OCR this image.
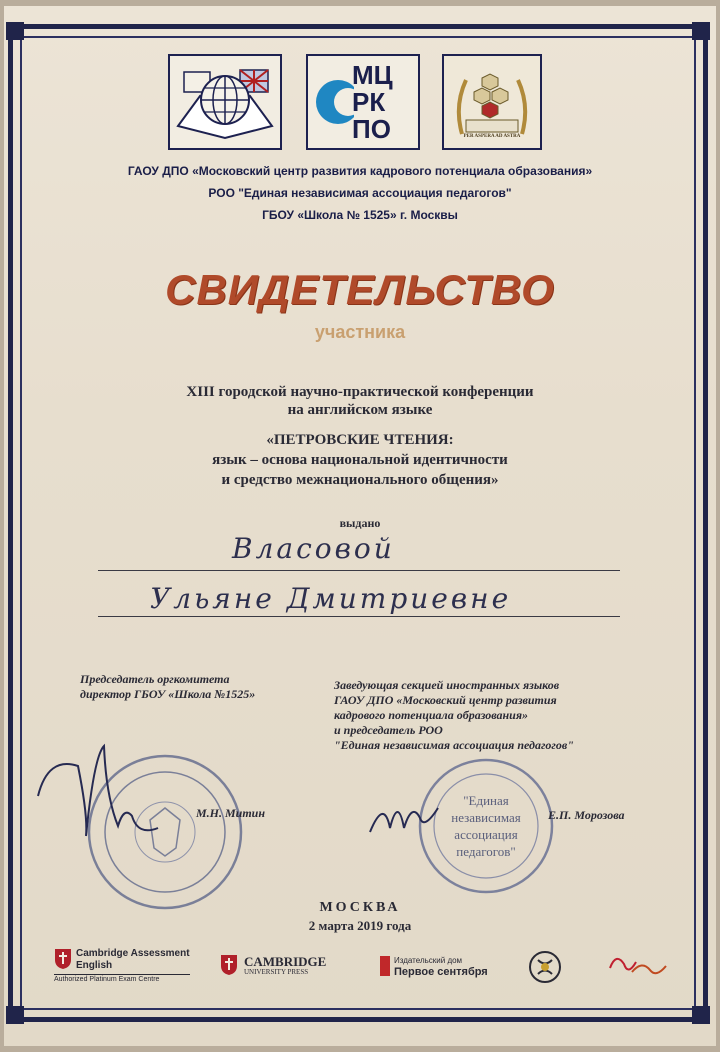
МЦ
РК
ПО	PER ASPERA AD ASTRA
ГАОУ ДПО «Московский центр развития кадрового потенциала образования»
РОО "Единая независимая ассоциация педагогов"
ГБОУ «Школа № 1525» г. Москвы
СВИДЕТЕЛЬСТВО
участника
XIII городской научно-практической конференции
на английском языке
«ПЕТРОВСКИЕ ЧТЕНИЯ:
язык – основа национальной идентичности
и средство межнационального общения»
выдано
Власовой
Ульяне Дмитриевне
Председатель оргкомитета
директор ГБОУ «Школа №1525»
М.Н. Митин
Заведующая секцией иностранных языков
ГАОУ ДПО «Московский центр развития
кадрового потенциала образования»
и председатель РОО
"Единая независимая ассоциация педагогов"
"Единая
независимая
ассоциация
педагогов"
Е.П. Морозова
МОСКВА
2 марта 2019 года
Cambridge Assessment
English
Authorized Platinum Exam Centre
CAMBRIDGE
UNIVERSITY PRESS
Издательский дом
Первое сентября
